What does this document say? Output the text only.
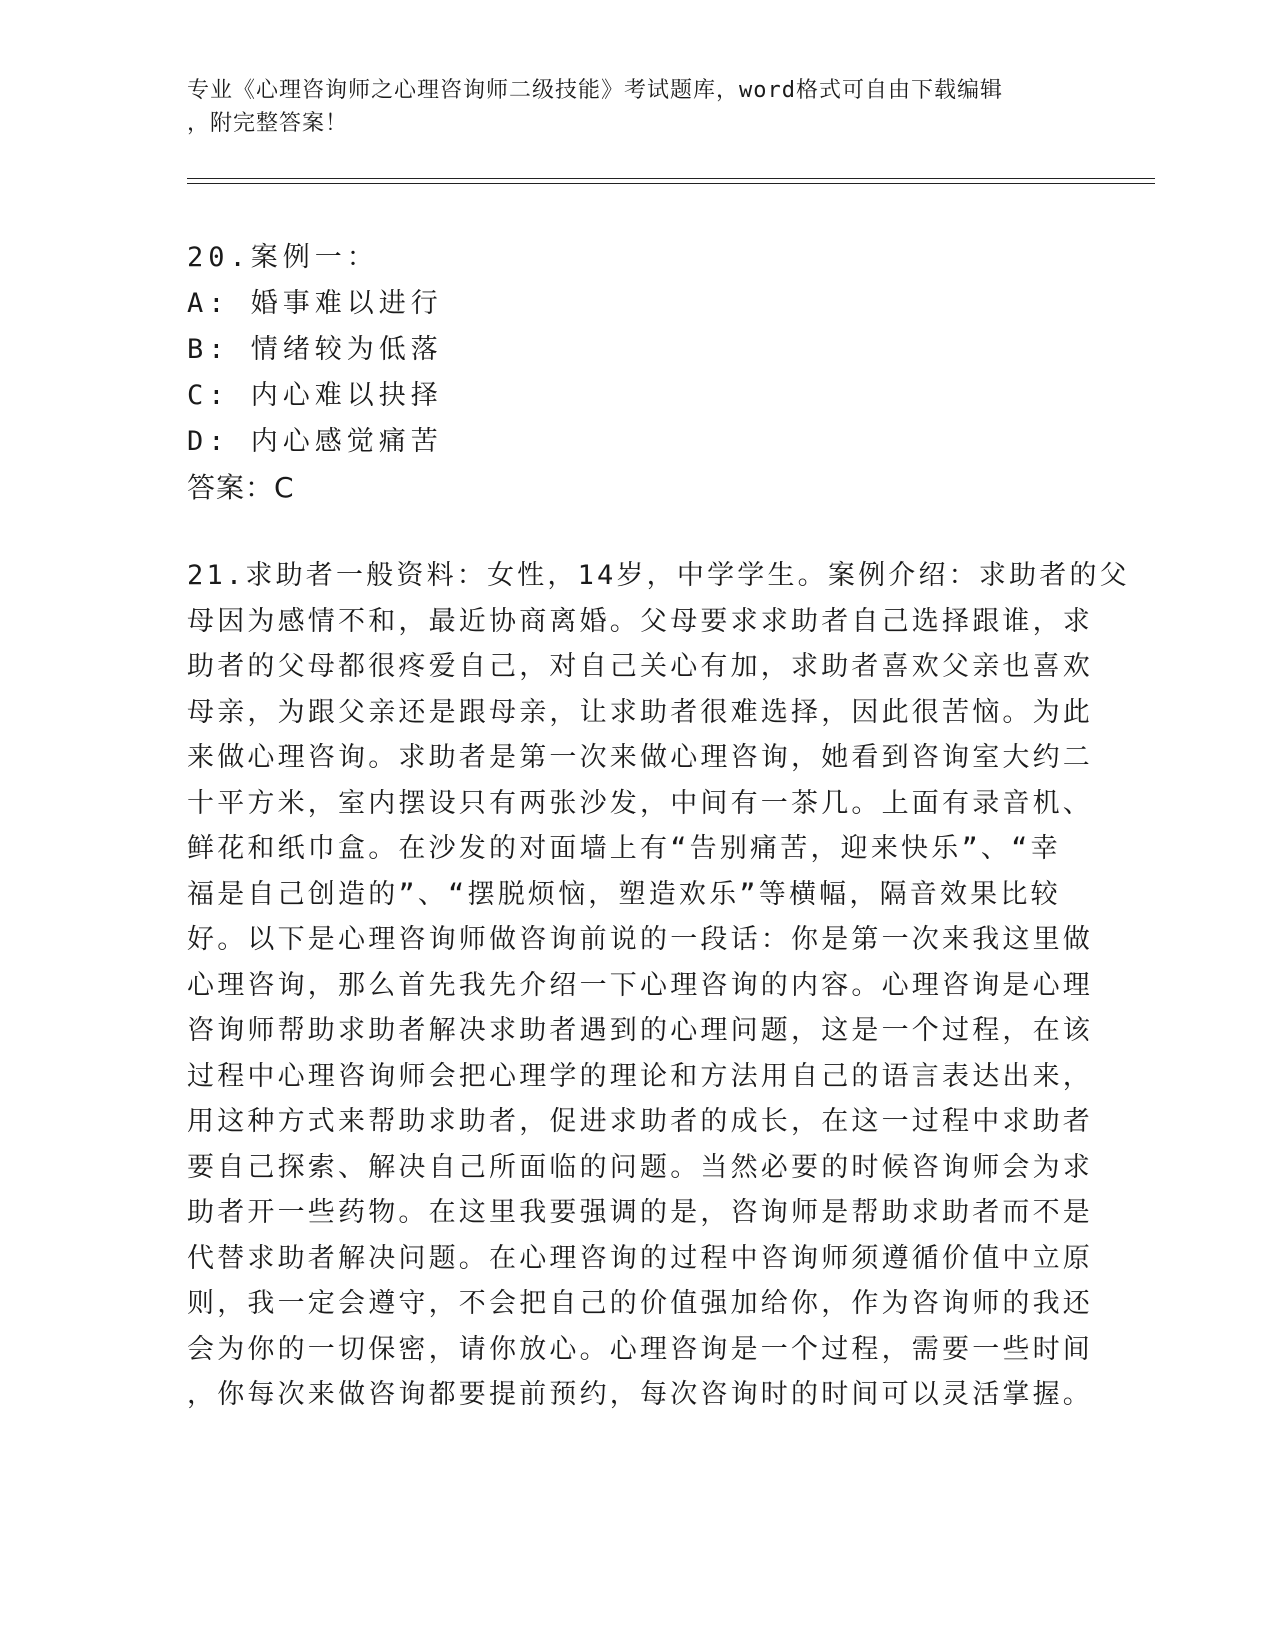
专业《心理咨询师之心理咨询师二级技能》考试题库，word格式可自由下载编辑
，附完整答案！
20.案例一：
A: 婚事难以进行
B: 情绪较为低落
C: 内心难以抉择
D: 内心感觉痛苦
答案：C
21.求助者一般资料：女性，14岁，中学学生。案例介绍：求助者的父
母因为感情不和，最近协商离婚。父母要求求助者自己选择跟谁，求
助者的父母都很疼爱自己，对自己关心有加，求助者喜欢父亲也喜欢
母亲，为跟父亲还是跟母亲，让求助者很难选择，因此很苦恼。为此
来做心理咨询。求助者是第一次来做心理咨询，她看到咨询室大约二
十平方米，室内摆设只有两张沙发，中间有一茶几。上面有录音机、
鲜花和纸巾盒。在沙发的对面墙上有“告别痛苦，迎来快乐”、“幸
福是自己创造的”、“摆脱烦恼，塑造欢乐”等横幅，隔音效果比较
好。以下是心理咨询师做咨询前说的一段话：你是第一次来我这里做
心理咨询，那么首先我先介绍一下心理咨询的内容。心理咨询是心理
咨询师帮助求助者解决求助者遇到的心理问题，这是一个过程，在该
过程中心理咨询师会把心理学的理论和方法用自己的语言表达出来，
用这种方式来帮助求助者，促进求助者的成长，在这一过程中求助者
要自己探索、解决自己所面临的问题。当然必要的时候咨询师会为求
助者开一些药物。在这里我要强调的是，咨询师是帮助求助者而不是
代替求助者解决问题。在心理咨询的过程中咨询师须遵循价值中立原
则，我一定会遵守，不会把自己的价值强加给你，作为咨询师的我还
会为你的一切保密，请你放心。心理咨询是一个过程，需要一些时间
，你每次来做咨询都要提前预约，每次咨询时的时间可以灵活掌握。
